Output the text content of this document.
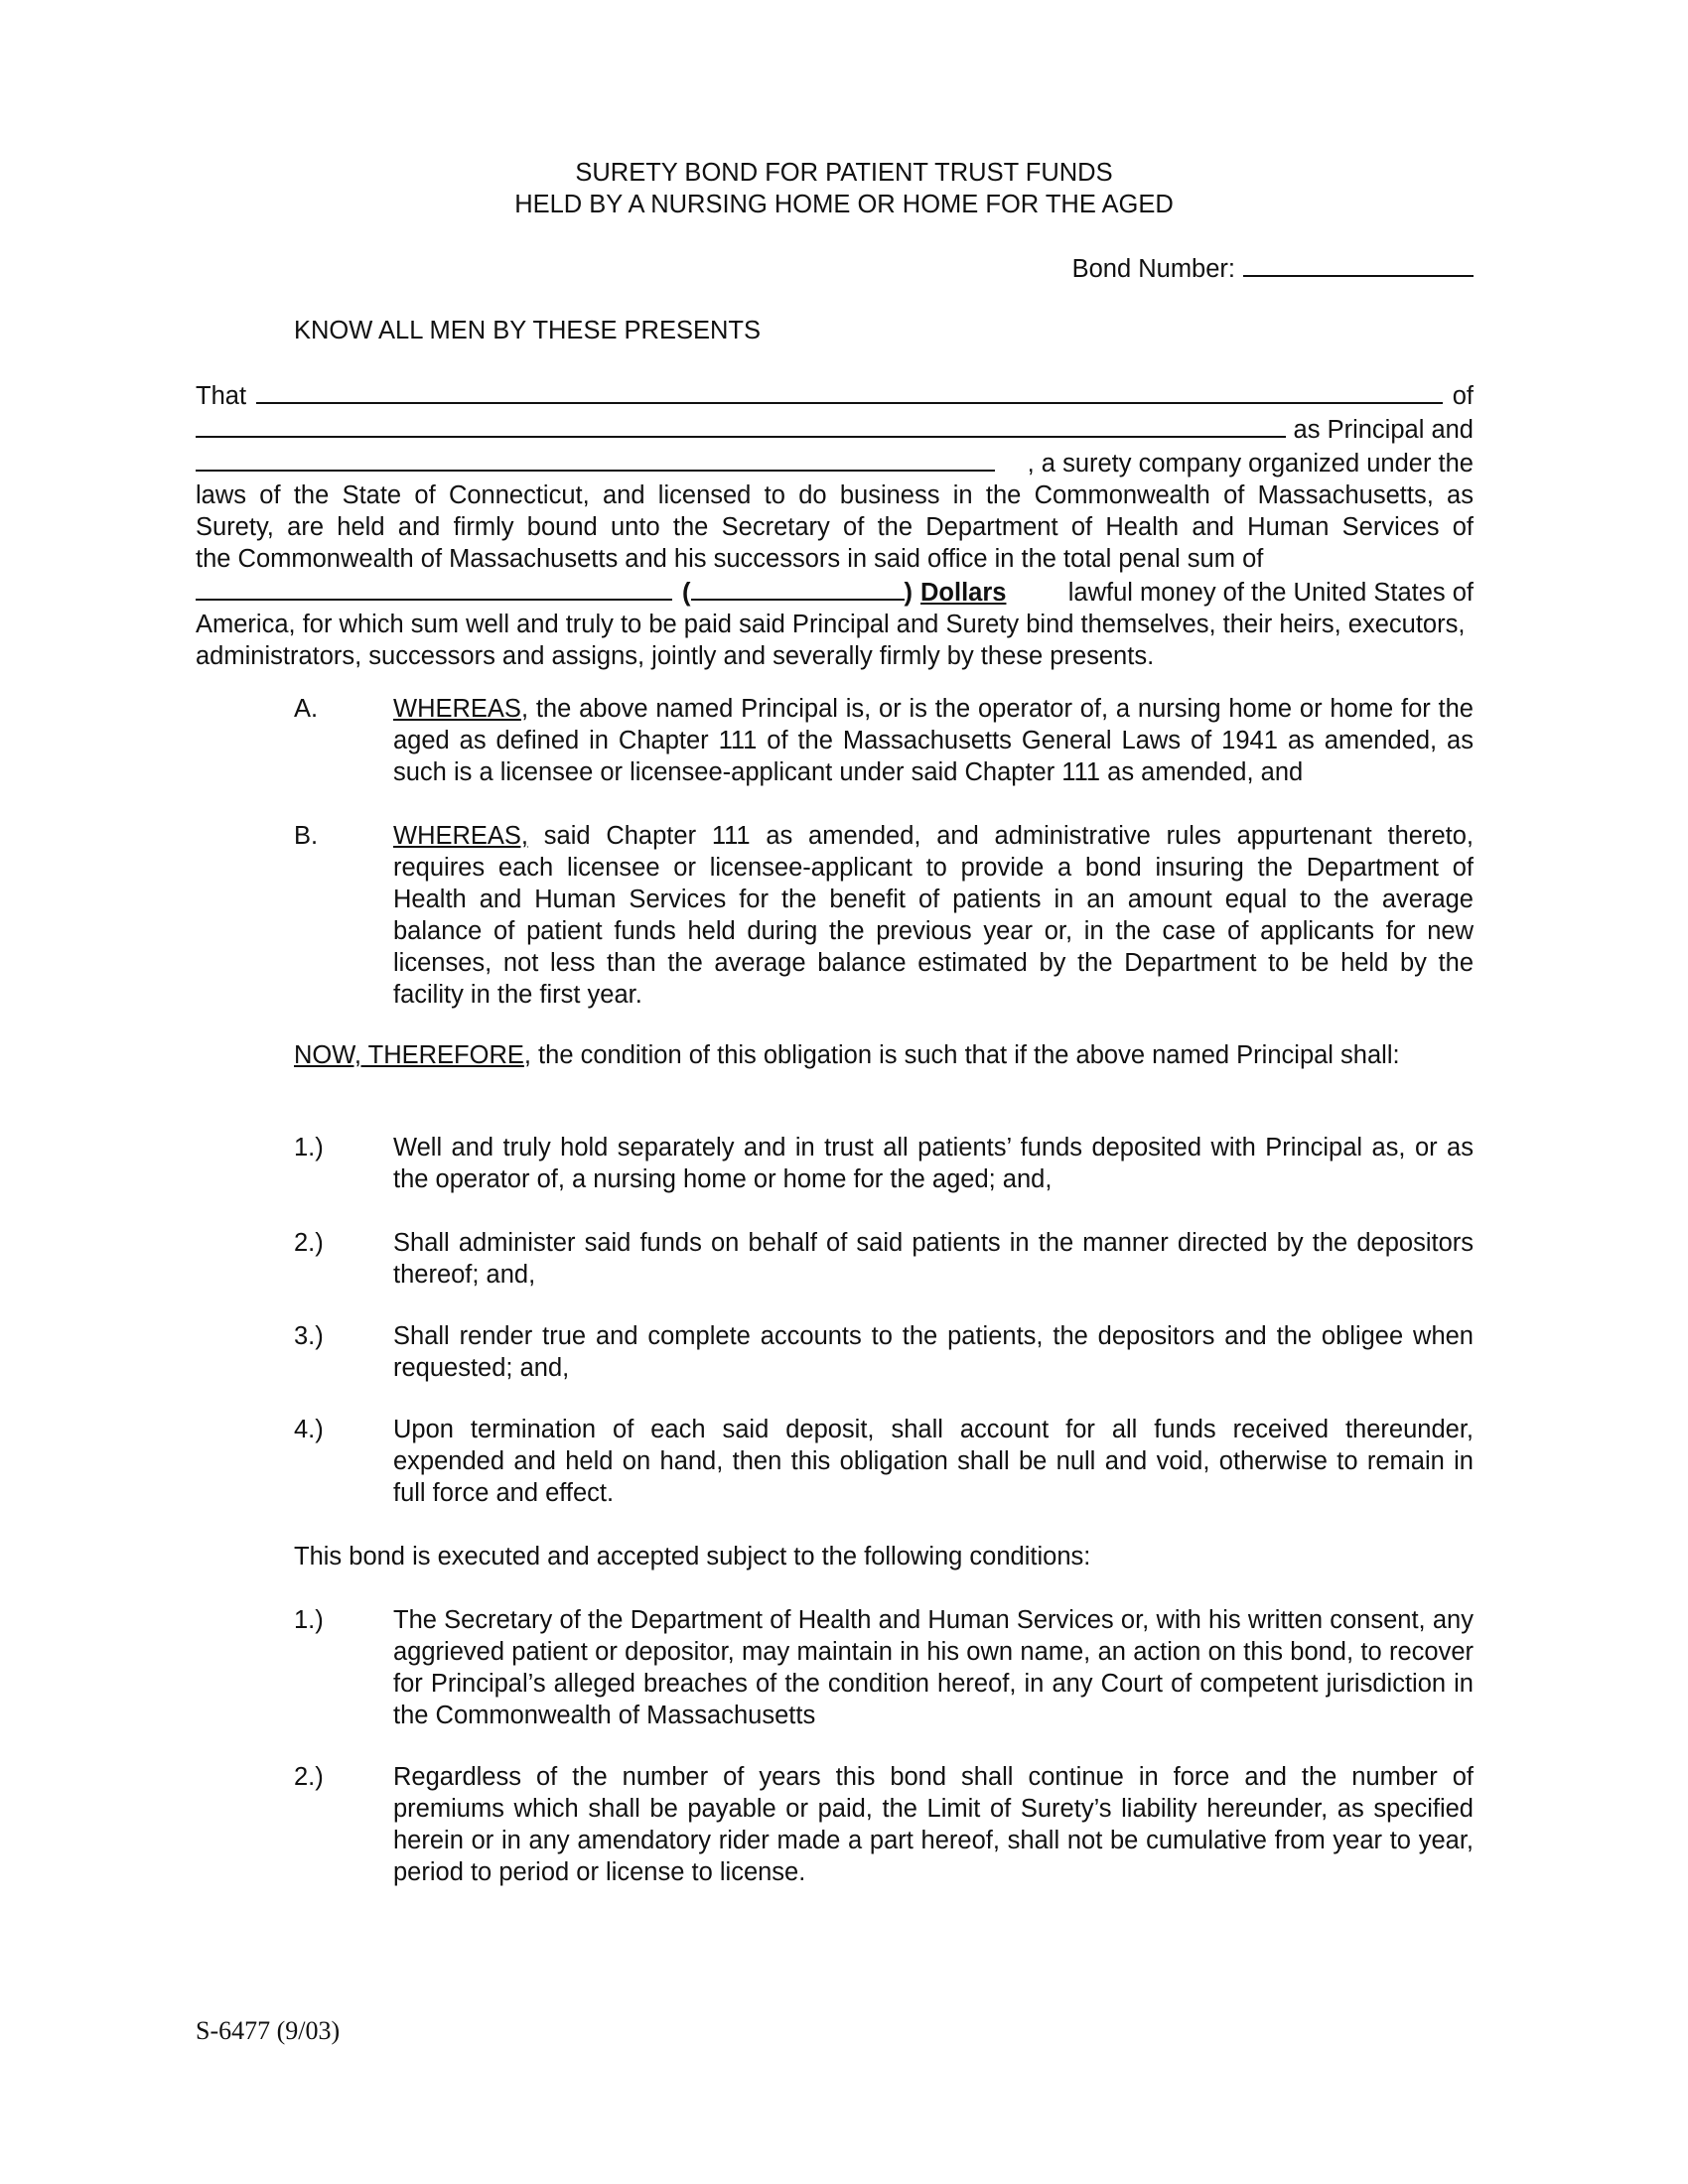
SURETY BOND FOR PATIENT TRUST FUNDS
HELD BY A NURSING HOME OR HOME FOR THE AGED
Bond Number:
KNOW ALL MEN BY THESE PRESENTS
That	of
as Principal and
, a surety company organized under the
laws of the State of Connecticut, and licensed to do business in the Commonwealth of Massachusetts, as
Surety, are held and firmly bound unto the Secretary of the Department of Health and Human Services of
the Commonwealth of Massachusetts and his successors in said office in the total penal sum of
(	) Dollars lawful money of the United States of
America, for which sum well and truly to be paid said Principal and Surety bind themselves, their heirs, executors, administrators, successors and assigns, jointly and severally firmly by these presents.
A.	WHEREAS, the above named Principal is, or is the operator of, a nursing home or home for the aged as defined in Chapter 111 of the Massachusetts General Laws of 1941 as amended, as such is a licensee or licensee-applicant under said Chapter 111 as amended, and
B.	WHEREAS, said Chapter 111 as amended, and administrative rules appurtenant thereto, requires each licensee or licensee-applicant to provide a bond insuring the Department of Health and Human Services for the benefit of patients in an amount equal to the average balance of patient funds held during the previous year or, in the case of applicants for new licenses, not less than the average balance estimated by the Department to be held by the facility in the first year.
NOW, THEREFORE, the condition of this obligation is such that if the above named Principal shall:
1.)	Well and truly hold separately and in trust all patients’ funds deposited with Principal as, or as the operator of, a nursing home or home for the aged; and,
2.)	Shall administer said funds on behalf of said patients in the manner directed by the depositors thereof; and,
3.)	Shall render true and complete accounts to the patients, the depositors and the obligee when requested; and,
4.)	Upon termination of each said deposit, shall account for all funds received thereunder, expended and held on hand, then this obligation shall be null and void, otherwise to remain in full force and effect.
This bond is executed and accepted subject to the following conditions:
1.)	The Secretary of the Department of Health and Human Services or, with his written consent, any aggrieved patient or depositor, may maintain in his own name, an action on this bond, to recover for Principal’s alleged breaches of the condition hereof, in any Court of competent jurisdiction in the Commonwealth of Massachusetts
2.)	Regardless of the number of years this bond shall continue in force and the number of premiums which shall be payable or paid, the Limit of Surety’s liability hereunder, as specified herein or in any amendatory rider made a part hereof, shall not be cumulative from year to year, period to period or license to license.
S-6477 (9/03)
